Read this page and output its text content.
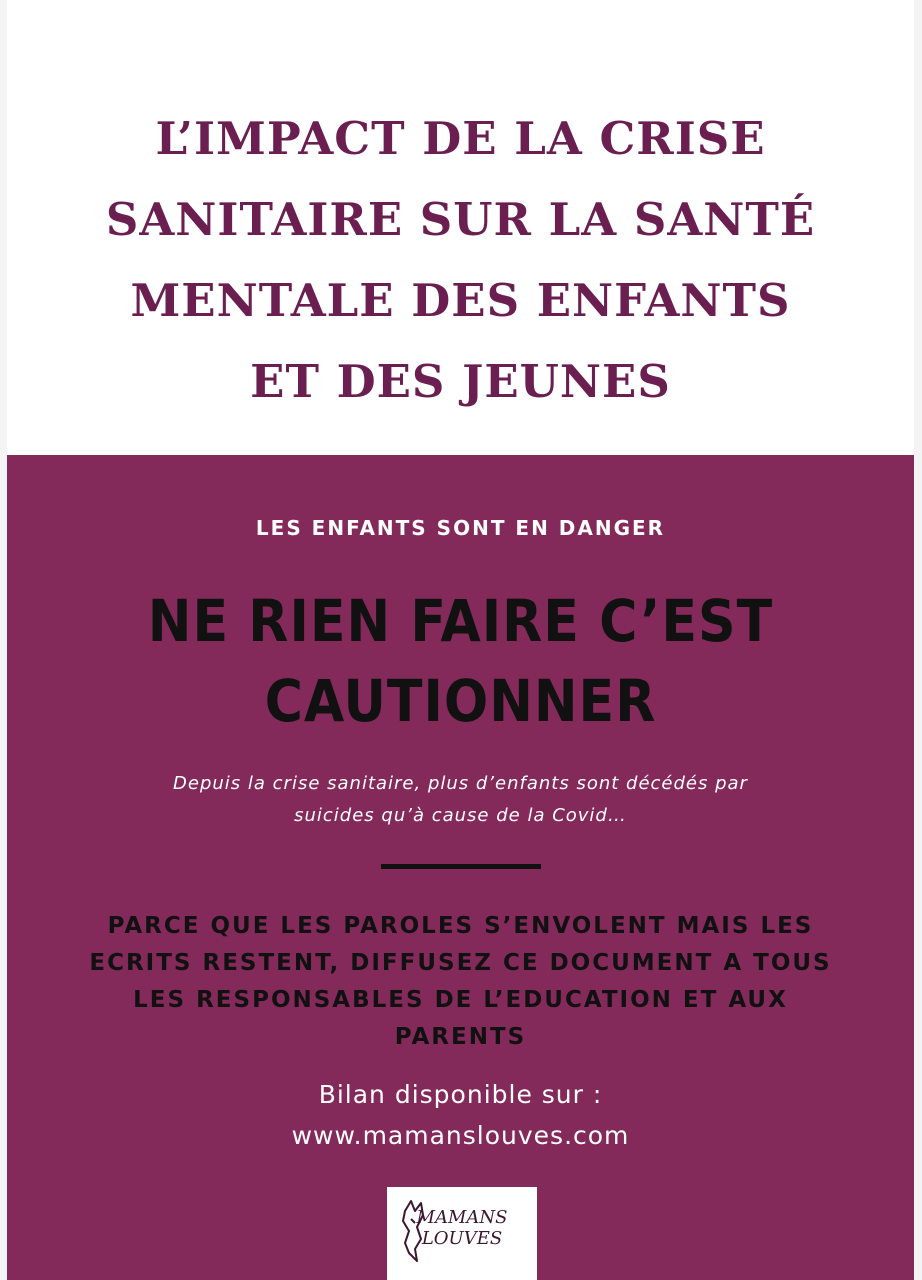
L’IMPACT DE LA CRISE
SANITAIRE SUR LA SANTÉ
MENTALE DES ENFANTS
ET DES JEUNES

LES ENFANTS SONT EN DANGER

NE RIEN FAIRE C’EST
CAUTIONNER

Depuis la crise sanitaire, plus d’enfants sont décédés par
suicides qu’à cause de la Covid…

PARCE QUE LES PAROLES S’ENVOLENT MAIS LES
ECRITS RESTENT, DIFFUSEZ CE DOCUMENT A TOUS
LES RESPONSABLES DE L’EDUCATION ET AUX
PARENTS

Bilan disponible sur :
www.mamanslouves.com

MAMANS
LOUVES
